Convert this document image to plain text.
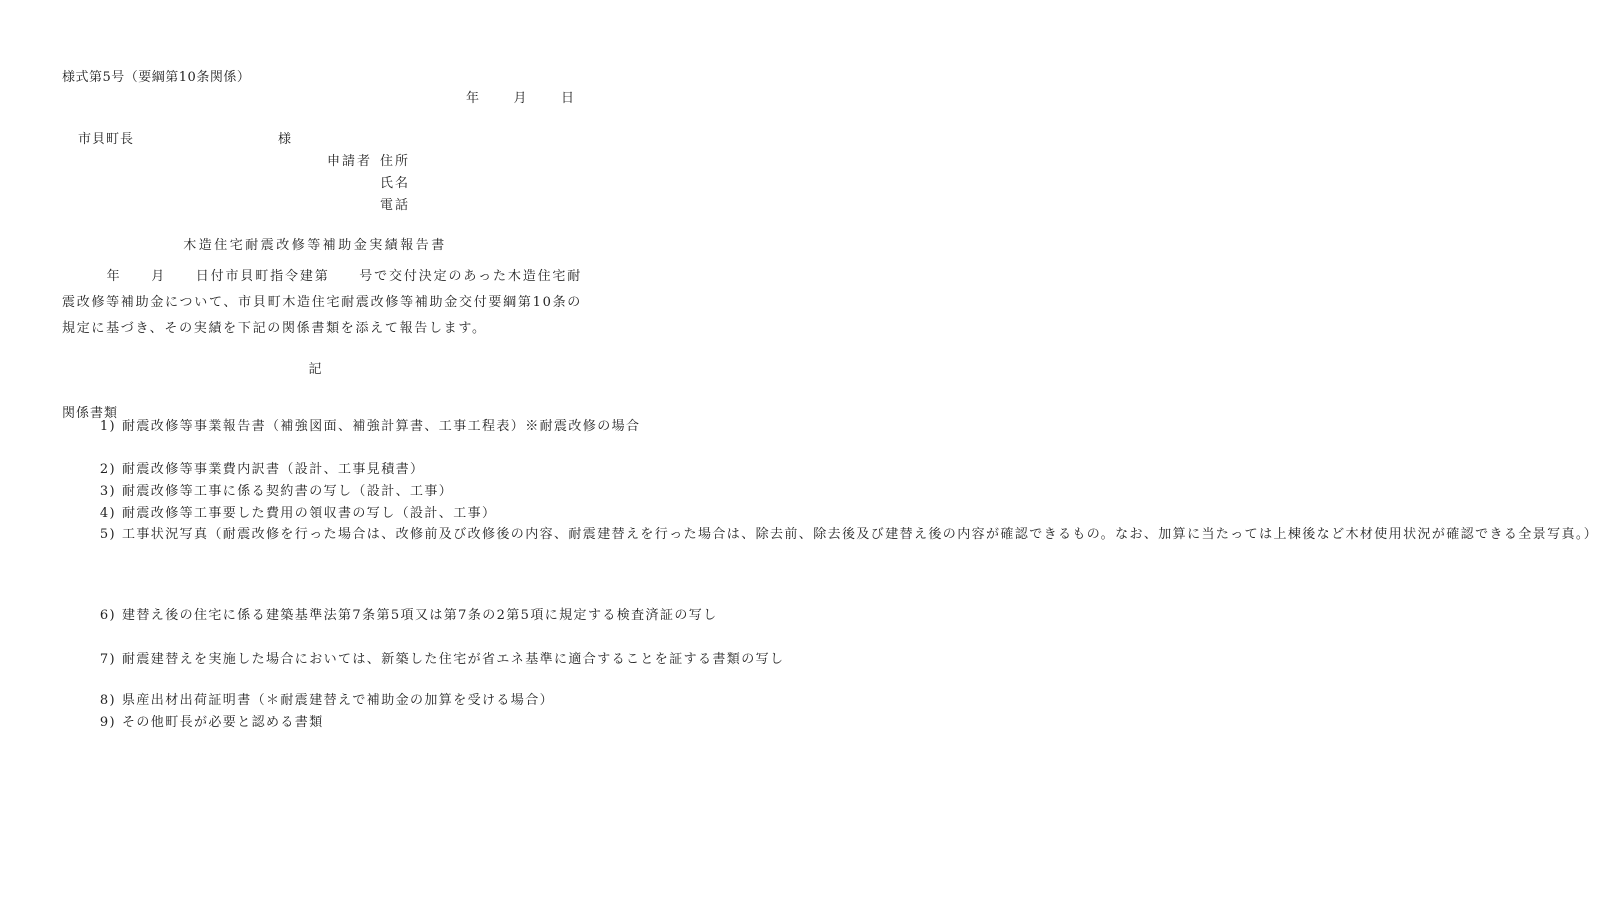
様式第5号（要綱第10条関係）
年	月	日
市貝町長	様
申請者 住所
氏名
電話
木造住宅耐震改修等補助金実績報告書
　　　年　　月　　日付市貝町指令建第　　号で交付決定のあった木造住宅耐震改修等補助金について、市貝町木造住宅耐震改修等補助金交付要綱第10条の規定に基づき、その実績を下記の関係書類を添えて報告します。
記
関係書類
1) 耐震改修等事業報告書（補強図面、補強計算書、工事工程表）※耐震改修の場合
2) 耐震改修等事業費内訳書（設計、工事見積書）
3) 耐震改修等工事に係る契約書の写し（設計、工事）
4) 耐震改修等工事要した費用の領収書の写し（設計、工事）
5) 工事状況写真（耐震改修を行った場合は、改修前及び改修後の内容、耐震建替えを行った場合は、除去前、除去後及び建替え後の内容が確認できるもの。なお、加算に当たっては上棟後など木材使用状況が確認できる全景写真。）
6) 建替え後の住宅に係る建築基準法第7条第5項又は第7条の2第5項に規定する検査済証の写し
7) 耐震建替えを実施した場合においては、新築した住宅が省エネ基準に適合することを証する書類の写し
8) 県産出材出荷証明書（＊耐震建替えで補助金の加算を受ける場合）
9) その他町長が必要と認める書類
